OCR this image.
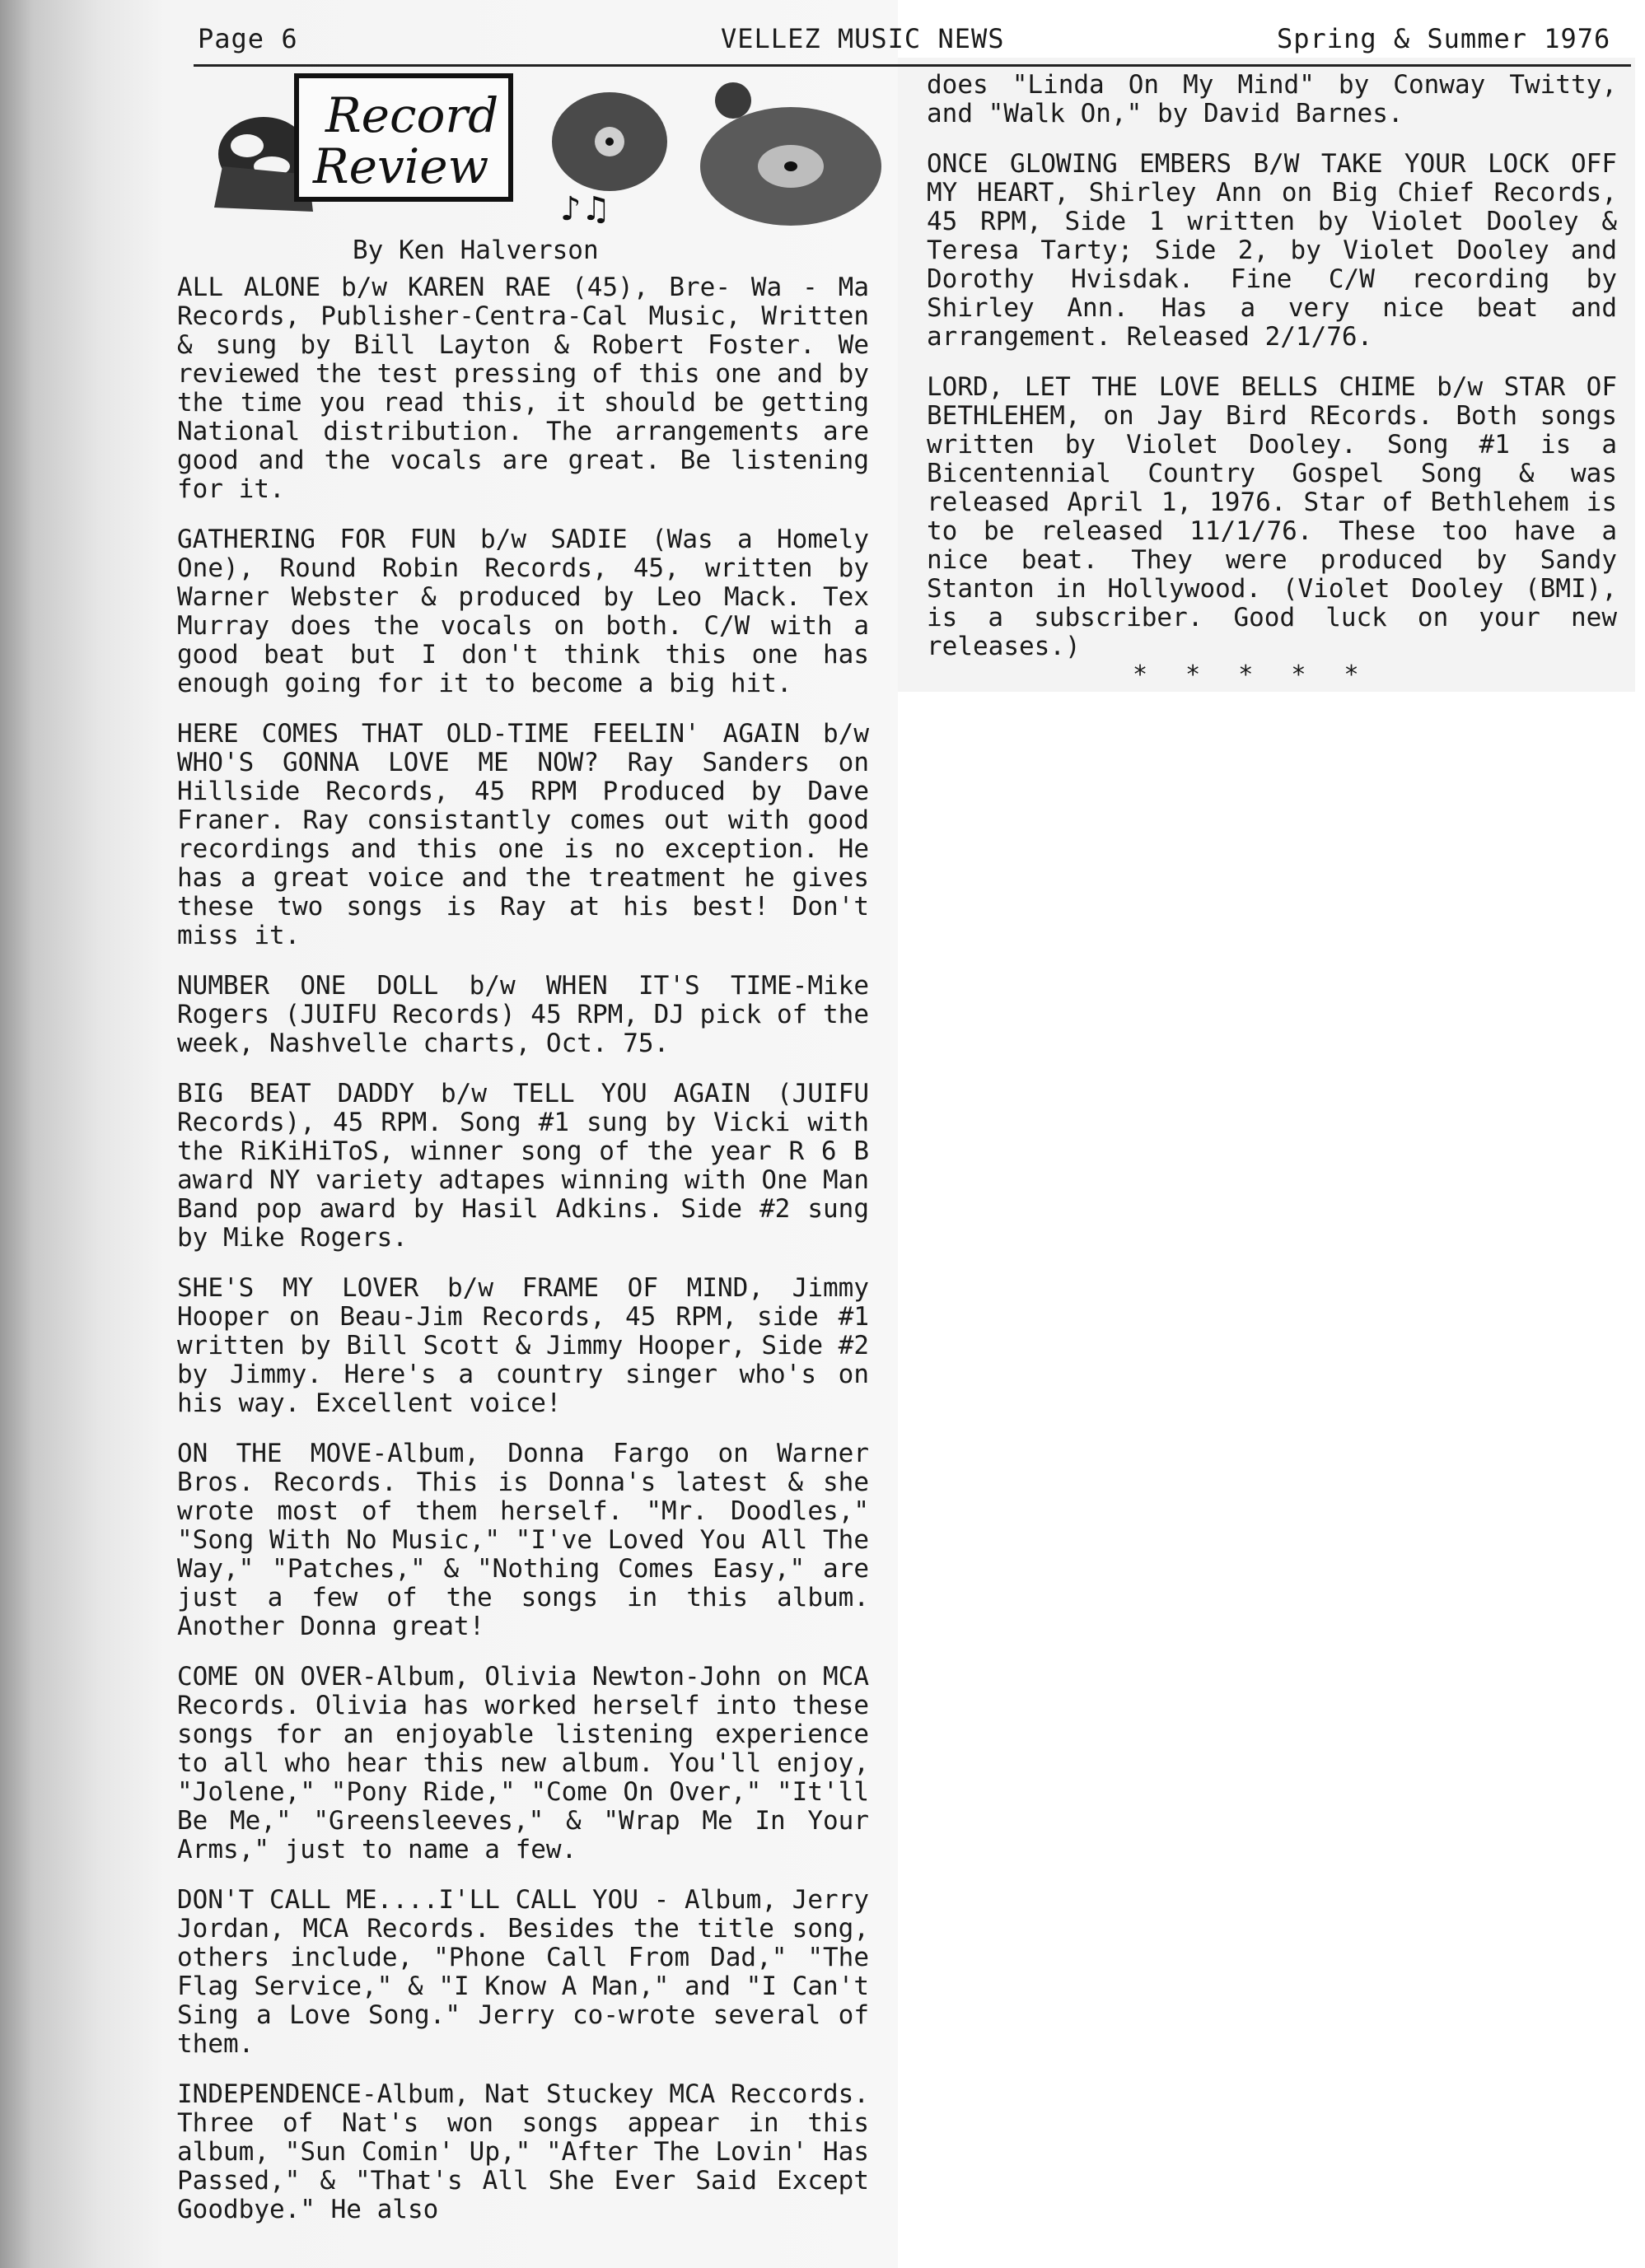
Page 6	VELLEZ MUSIC NEWS	Spring & Summer 1976
Record
Review
♪♫
By Ken Halverson

ALL ALONE b/w KAREN RAE (45), Bre- Wa - Ma Records, Publisher-Centra-Cal Music, Written & sung by Bill Layton & Robert Foster. We reviewed the test pressing of this one and by the time you read this, it should be getting National distribution. The arrangements are good and the vocals are great. Be listening for it.

GATHERING FOR FUN b/w SADIE (Was a Homely One), Round Robin Records, 45, written by Warner Webster & produced by Leo Mack. Tex Murray does the vocals on both. C/W with a good beat but I don't think this one has enough going for it to become a big hit.

HERE COMES THAT OLD-TIME FEELIN' AGAIN b/w WHO'S GONNA LOVE ME NOW? Ray Sanders on Hillside Records, 45 RPM Produced by Dave Franer. Ray consistantly comes out with good recordings and this one is no exception. He has a great voice and the treatment he gives these two songs is Ray at his best! Don't miss it.

NUMBER ONE DOLL b/w WHEN IT'S TIME-Mike Rogers (JUIFU Records) 45 RPM, DJ pick of the week, Nashvelle charts, Oct. 75.

BIG BEAT DADDY b/w TELL YOU AGAIN (JUIFU Records), 45 RPM. Song #1 sung by Vicki with the RiKiHiToS, winner song of the year R 6 B award NY variety adtapes winning with One Man Band pop award by Hasil Adkins. Side #2 sung by Mike Rogers.

SHE'S MY LOVER b/w FRAME OF MIND, Jimmy Hooper on Beau-Jim Records, 45 RPM, side #1 written by Bill Scott & Jimmy Hooper, Side #2 by Jimmy. Here's a country singer who's on his way. Excellent voice!

ON THE MOVE-Album, Donna Fargo on Warner Bros. Records. This is Donna's latest & she wrote most of them herself. "Mr. Doodles," "Song With No Music," "I've Loved You All The Way," "Patches," & "Nothing Comes Easy," are just a few of the songs in this album. Another Donna great!

COME ON OVER-Album, Olivia Newton-John on MCA Records. Olivia has worked herself into these songs for an enjoyable listening experience to all who hear this new album. You'll enjoy, "Jolene," "Pony Ride," "Come On Over," "It'll Be Me," "Greensleeves," & "Wrap Me In Your Arms," just to name a few.

DON'T CALL ME....I'LL CALL YOU - Album, Jerry Jordan, MCA Records. Besides the title song, others include, "Phone Call From Dad," "The Flag Service," & "I Know A Man," and "I Can't Sing a Love Song." Jerry co-wrote several of them.

INDEPENDENCE-Album, Nat Stuckey MCA Reccords. Three of Nat's won songs appear in this album, "Sun Comin' Up," "After The Lovin' Has Passed," & "That's All She Ever Said Except Goodbye." He also

does "Linda On My Mind" by Conway Twitty, and "Walk On," by David Barnes.

ONCE GLOWING EMBERS B/W TAKE YOUR LOCK OFF MY HEART, Shirley Ann on Big Chief Records, 45 RPM, Side 1 written by Violet Dooley & Teresa Tarty; Side 2, by Violet Dooley and Dorothy Hvisdak. Fine C/W recording by Shirley Ann. Has a very nice beat and arrangement. Released 2/1/76.

LORD, LET THE LOVE BELLS CHIME b/w STAR OF BETHLEHEM, on Jay Bird REcords. Both songs written by Violet Dooley. Song #1 is a Bicentennial Country Gospel Song & was released April 1, 1976. Star of Bethlehem is to be released 11/1/76. These too have a nice beat. They were produced by Sandy Stanton in Hollywood. (Violet Dooley (BMI), is a subscriber. Good luck on your new releases.)

* * * * *
